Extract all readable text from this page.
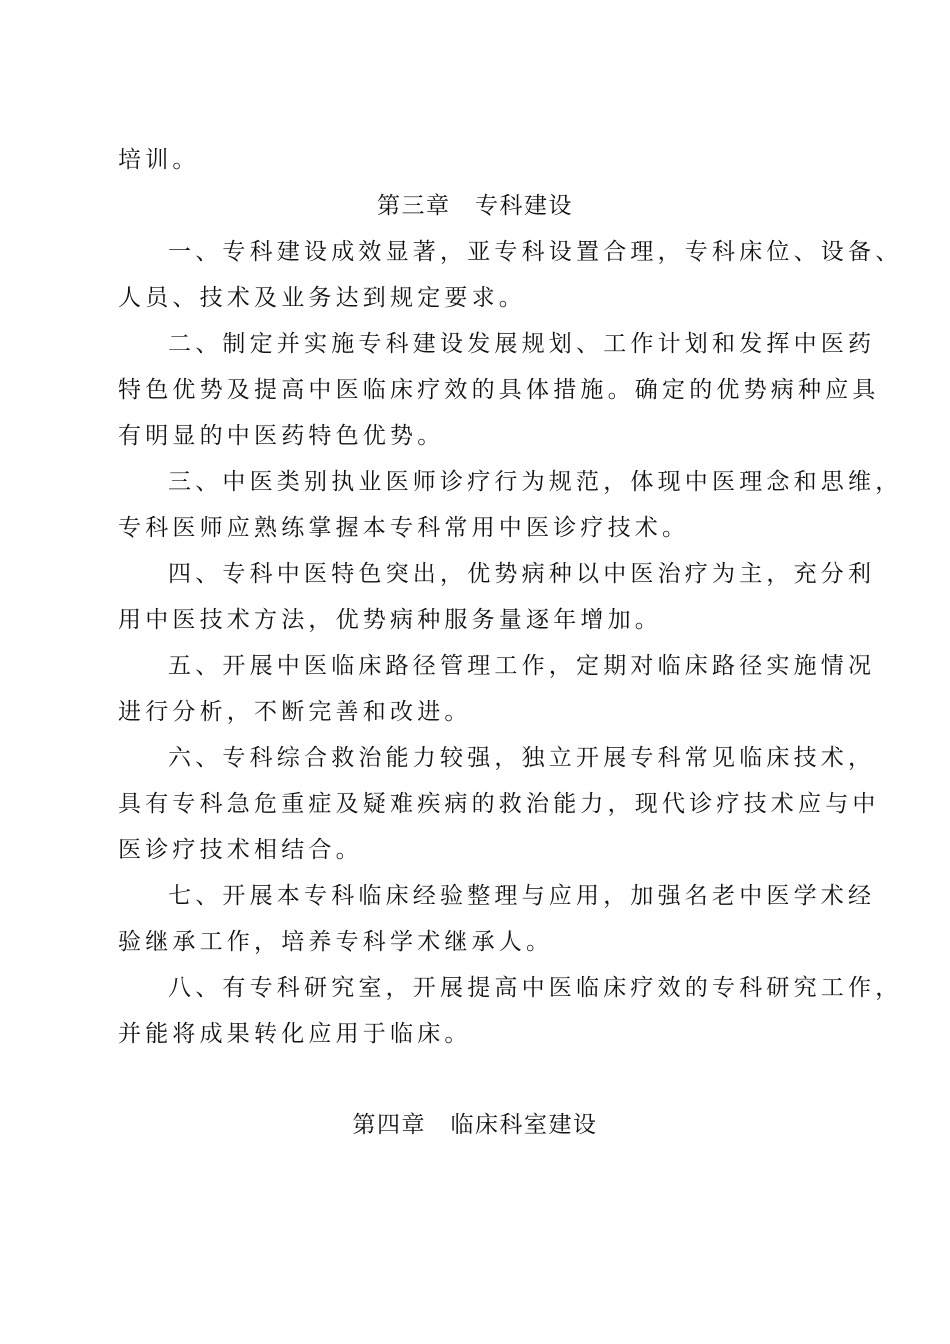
培训。
第三章　专科建设
一、专科建设成效显著，亚专科设置合理，专科床位、设备、
人员、技术及业务达到规定要求。
二、制定并实施专科建设发展规划、工作计划和发挥中医药
特色优势及提高中医临床疗效的具体措施。确定的优势病种应具
有明显的中医药特色优势。
三、中医类别执业医师诊疗行为规范，体现中医理念和思维，
专科医师应熟练掌握本专科常用中医诊疗技术。
四、专科中医特色突出，优势病种以中医治疗为主，充分利
用中医技术方法，优势病种服务量逐年增加。
五、开展中医临床路径管理工作，定期对临床路径实施情况
进行分析，不断完善和改进。
六、专科综合救治能力较强，独立开展专科常见临床技术，
具有专科急危重症及疑难疾病的救治能力，现代诊疗技术应与中
医诊疗技术相结合。
七、开展本专科临床经验整理与应用，加强名老中医学术经
验继承工作，培养专科学术继承人。
八、有专科研究室，开展提高中医临床疗效的专科研究工作，
并能将成果转化应用于临床。
第四章　临床科室建设
